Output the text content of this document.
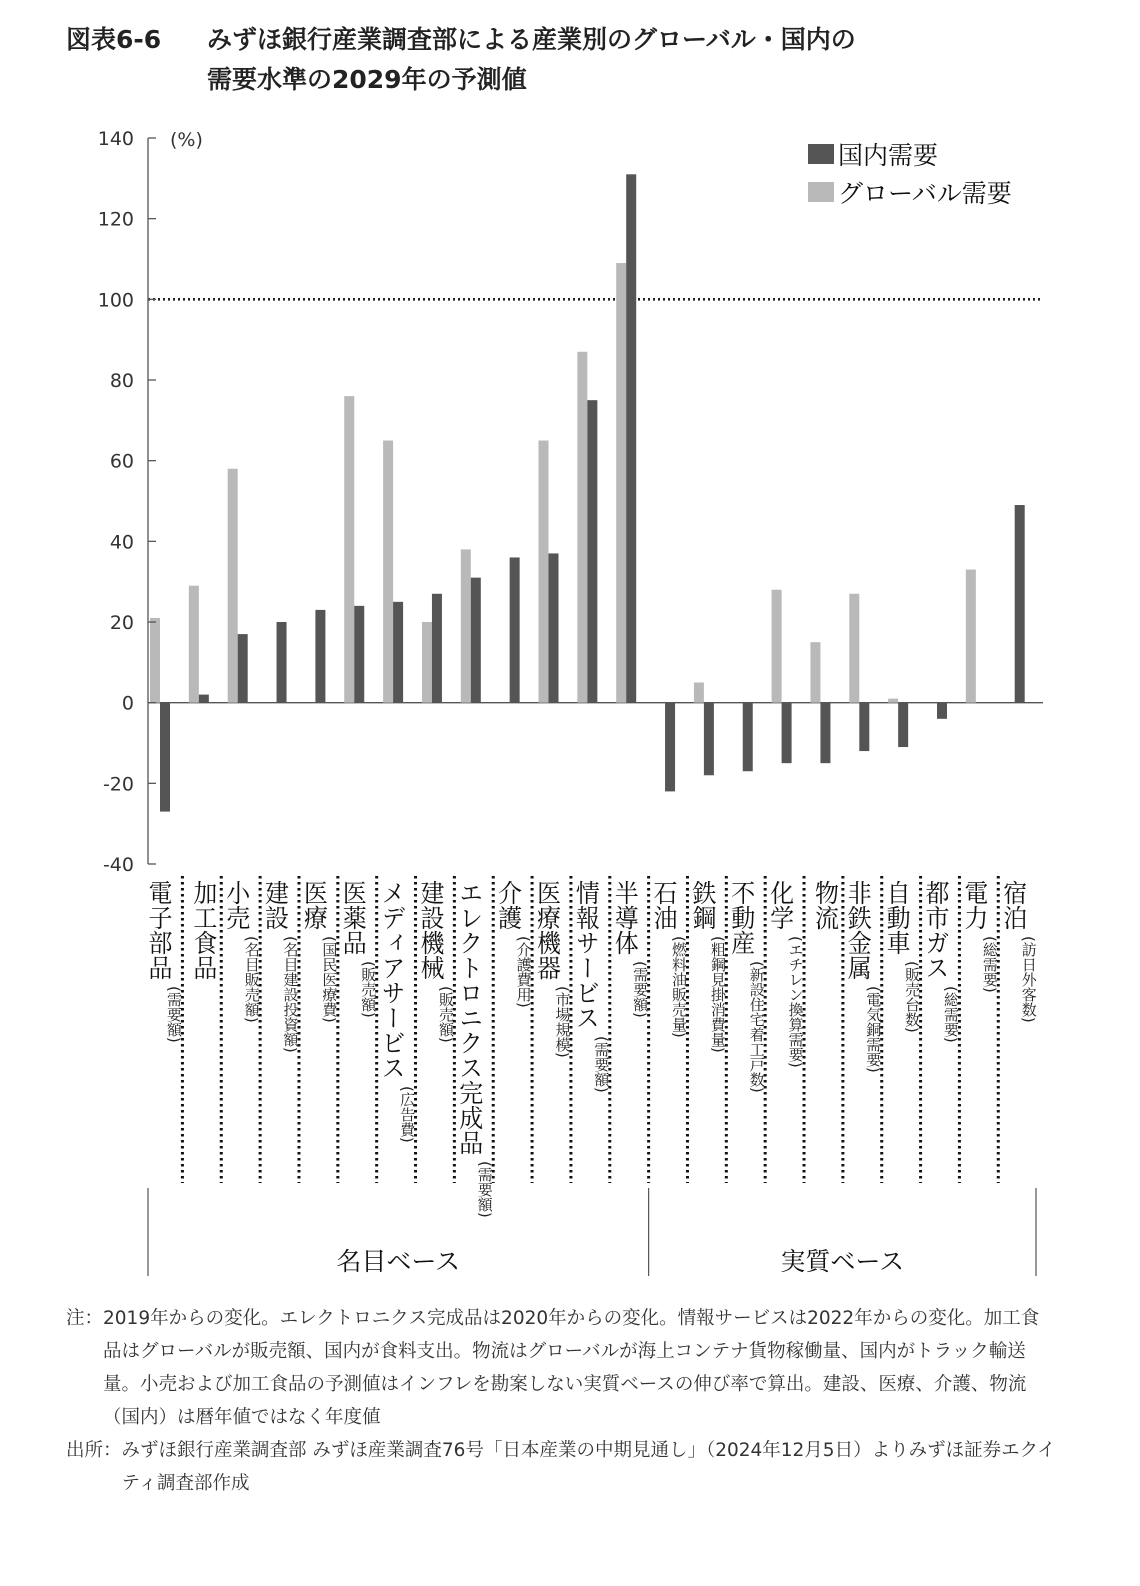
図表6-6 みずほ銀行産業調査部による産業別のグローバル・国内の
需要水準の2029年の予測値
140
120
100
80
60
40
20
0
-20
-40
(%)
電子部品
(需要額)
加工食品 小売
(名目販売額)
建設
(名目建設投資額)
医療
(国民医療費)
医薬品
(販売額) メディアサービス
(広告費)
建設機械
(販売額) エレクトロニクス完成品
(需要額)
介護
(介護費用) 医療機器
(市場規模) 情報サービス
(需要額)
半導体
(需要額)
石油
(燃料油販売量)
鉄鋼
(粗鋼見掛消費量)
不動産
(新設住宅着工戸数)
化学
(エチレン換算需要)
物流 非鉄金属
(電気銅需要)
自動車
(販売台数)
都市ガス
(総需要)
電力
(総需要)
宿泊
(訪日外客数)
名目ベース	実質ベース
国内需要
グローバル需要
注： 2019年からの変化。エレクトロニクス完成品は2020年からの変化。情報サービスは2022年からの変化。加工食品はグローバルが販売額、国内が食料支出。物流はグローバルが海上コンテナ貨物稼働量、国内がトラック輸送量。小売および加工食品の予測値はインフレを勘案しない実質ベースの伸び率で算出。建設、医療、介護、物流（国内）は暦年値ではなく年度値
出所： みずほ銀行産業調査部 みずほ産業調査76号「日本産業の中期見通し」（2024年12月5日）よりみずほ証券エクイティ調査部作成
